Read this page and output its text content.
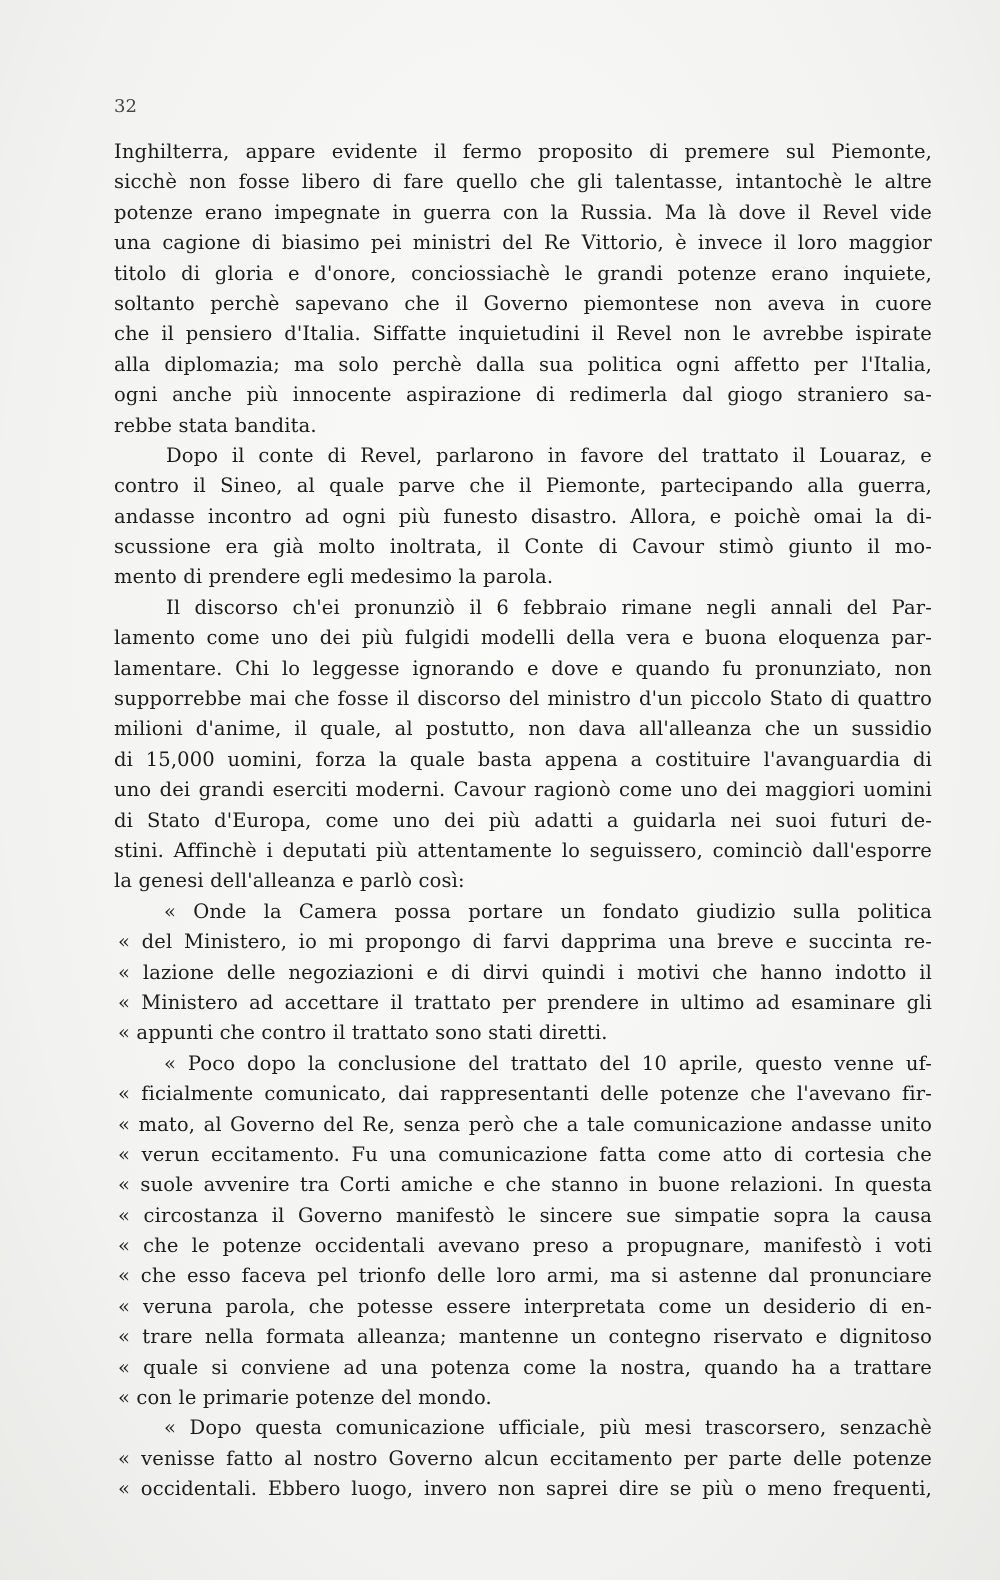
32
Inghilterra, appare evidente il fermo proposito di premere sul Piemonte,
sicchè non fosse libero di fare quello che gli talentasse, intantochè le altre
potenze erano impegnate in guerra con la Russia. Ma là dove il Revel vide
una cagione di biasimo pei ministri del Re Vittorio, è invece il loro maggior
titolo di gloria e d'onore, conciossiachè le grandi potenze erano inquiete,
soltanto perchè sapevano che il Governo piemontese non aveva in cuore
che il pensiero d'Italia. Siffatte inquietudini il Revel non le avrebbe ispirate
alla diplomazia; ma solo perchè dalla sua politica ogni affetto per l'Italia,
ogni anche più innocente aspirazione di redimerla dal giogo straniero sa-
rebbe stata bandita.
Dopo il conte di Revel, parlarono in favore del trattato il Louaraz, e
contro il Sineo, al quale parve che il Piemonte, partecipando alla guerra,
andasse incontro ad ogni più funesto disastro. Allora, e poichè omai la di-
scussione era già molto inoltrata, il Conte di Cavour stimò giunto il mo-
mento di prendere egli medesimo la parola.
Il discorso ch'ei pronunziò il 6 febbraio rimane negli annali del Par-
lamento come uno dei più fulgidi modelli della vera e buona eloquenza par-
lamentare. Chi lo leggesse ignorando e dove e quando fu pronunziato, non
supporrebbe mai che fosse il discorso del ministro d'un piccolo Stato di quattro
milioni d'anime, il quale, al postutto, non dava all'alleanza che un sussidio
di 15,000 uomini, forza la quale basta appena a costituire l'avanguardia di
uno dei grandi eserciti moderni. Cavour ragionò come uno dei maggiori uomini
di Stato d'Europa, come uno dei più adatti a guidarla nei suoi futuri de-
stini. Affinchè i deputati più attentamente lo seguissero, cominciò dall'esporre
la genesi dell'alleanza e parlò così:
« Onde la Camera possa portare un fondato giudizio sulla politica
« del Ministero, io mi propongo di farvi dapprima una breve e succinta re-
« lazione delle negoziazioni e di dirvi quindi i motivi che hanno indotto il
« Ministero ad accettare il trattato per prendere in ultimo ad esaminare gli
« appunti che contro il trattato sono stati diretti.
« Poco dopo la conclusione del trattato del 10 aprile, questo venne uf-
« ficialmente comunicato, dai rappresentanti delle potenze che l'avevano fir-
« mato, al Governo del Re, senza però che a tale comunicazione andasse unito
« verun eccitamento. Fu una comunicazione fatta come atto di cortesia che
« suole avvenire tra Corti amiche e che stanno in buone relazioni. In questa
« circostanza il Governo manifestò le sincere sue simpatie sopra la causa
« che le potenze occidentali avevano preso a propugnare, manifestò i voti
« che esso faceva pel trionfo delle loro armi, ma si astenne dal pronunciare
« veruna parola, che potesse essere interpretata come un desiderio di en-
« trare nella formata alleanza; mantenne un contegno riservato e dignitoso
« quale si conviene ad una potenza come la nostra, quando ha a trattare
« con le primarie potenze del mondo.
« Dopo questa comunicazione ufficiale, più mesi trascorsero, senzachè
« venisse fatto al nostro Governo alcun eccitamento per parte delle potenze
« occidentali. Ebbero luogo, invero non saprei dire se più o meno frequenti,
